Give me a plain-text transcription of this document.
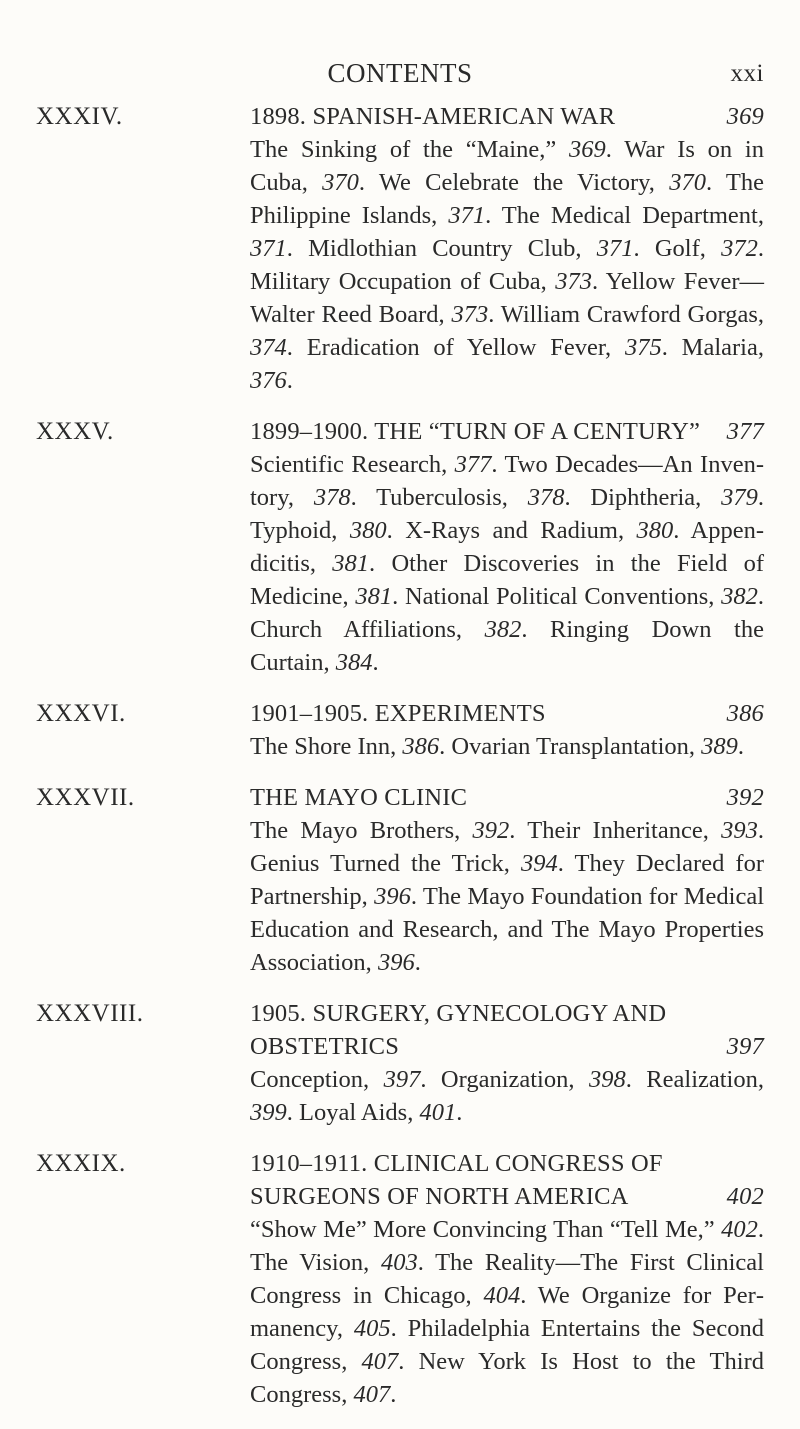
CONTENTS	xxi
XXXIV.	1898. SPANISH-AMERICAN WAR	369
The Sinking of the “Maine,” 369. War Is on in Cuba, 370. We Celebrate the Victory, 370. The Philippine Islands, 371. The Medical Department, 371. Midlothian Country Club, 371. Golf, 372. Military Occupation of Cuba, 373. Yellow Fever— Walter Reed Board, 373. William Crawford Gorgas, 374. Eradication of Yellow Fever, 375. Malaria, 376.
XXXV.	1899–1900. THE “TURN OF A CENTURY”	377
Scientific Research, 377. Two Decades—An Inventory, 378. Tuberculosis, 378. Diphtheria, 379. Typhoid, 380. X-Rays and Radium, 380. Appendicitis, 381. Other Discoveries in the Field of Medicine, 381. National Political Conventions, 382. Church Affiliations, 382. Ringing Down the Curtain, 384.
XXXVI.	1901–1905. EXPERIMENTS	386
The Shore Inn, 386. Ovarian Transplantation, 389.
XXXVII.	THE MAYO CLINIC	392
The Mayo Brothers, 392. Their Inheritance, 393. Genius Turned the Trick, 394. They Declared for Partnership, 396. The Mayo Foundation for Medical Education and Research, and The Mayo Properties Association, 396.
XXXVIII.	1905. SURGERY, GYNECOLOGY AND OBSTETRICS	397
Conception, 397. Organization, 398. Realization, 399. Loyal Aids, 401.
XXXIX.	1910–1911. CLINICAL CONGRESS OF SURGEONS OF NORTH AMERICA	402
“Show Me” More Convincing Than “Tell Me,” 402. The Vision, 403. The Reality—The First Clinical Congress in Chicago, 404. We Organize for Permanency, 405. Philadelphia Entertains the Second Congress, 407. New York Is Host to the Third Congress, 407.
